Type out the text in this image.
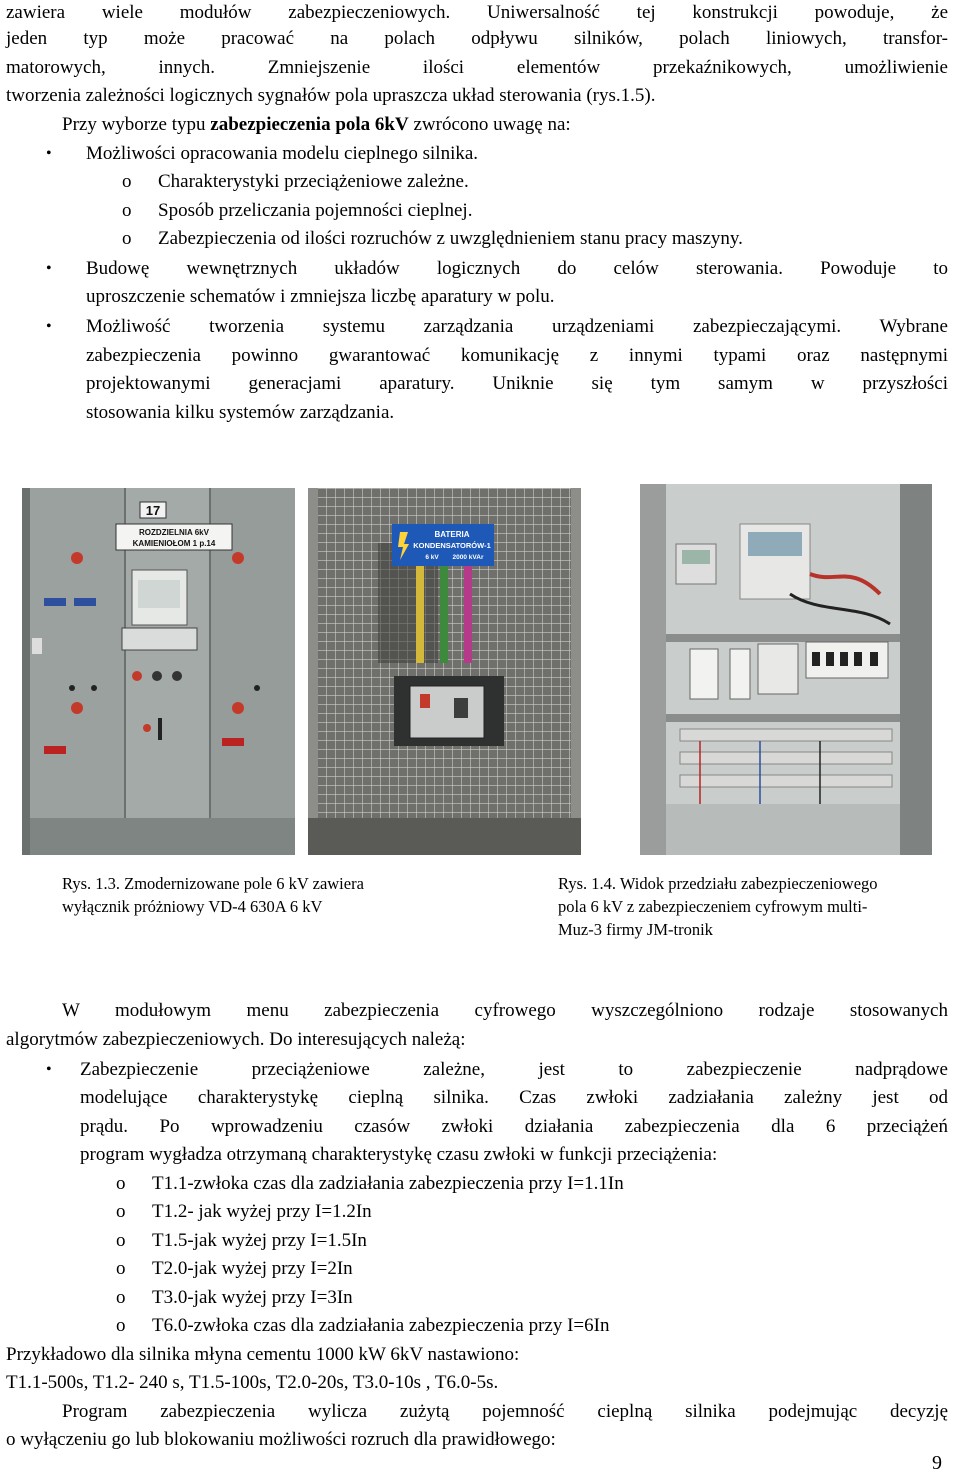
zawiera wiele modułów zabezpieczeniowych. Uniwersalność tej konstrukcji powoduje, że
jeden typ może pracować na polach odpływu silników, polach liniowych, transfor-
matorowych, innych. Zmniejszenie ilości elementów przekaźnikowych, umożliwienie
tworzenia zależności logicznych sygnałów pola upraszcza układ sterowania (rys.1.5).
Przy wyborze typu zabezpieczenia pola 6kV zwrócono uwagę na:
• Możliwości opracowania modelu cieplnego silnika.
o Charakterystyki przeciążeniowe zależne.
o Sposób przeliczania pojemności cieplnej.
o Zabezpieczenia od ilości rozruchów z uwzględnieniem stanu pracy maszyny.
• Budowę wewnętrznych układów logicznych do celów sterowania. Powoduje to
uproszczenie schematów i zmniejsza liczbę aparatury w polu.
• Możliwość tworzenia systemu zarządzania urządzeniami zabezpieczającymi. Wybrane
zabezpieczenia powinno gwarantować komunikację z innymi typami oraz następnymi
projektowanymi generacjami aparatury. Uniknie się tym samym w przyszłości
stosowania kilku systemów zarządzania.
17
ROZDZIELNIA 6kV
KAMIENIOŁOM 1 p.14
BATERIA
KONDENSATORÓW-1
6 kV 2000 kVAr
Rys. 1.3. Zmodernizowane pole 6 kV zawiera
wyłącznik próżniowy VD-4 630A 6 kV
Rys. 1.4. Widok przedziału zabezpieczeniowego
pola 6 kV z zabezpieczeniem cyfrowym multi-
Muz-3 firmy JM-tronik
W modułowym menu zabezpieczenia cyfrowego wyszczególniono rodzaje stosowanych
algorytmów zabezpieczeniowych. Do interesujących należą:
• Zabezpieczenie przeciążeniowe zależne, jest to zabezpieczenie nadprądowe
modelujące charakterystykę cieplną silnika. Czas zwłoki zadziałania zależny jest od
prądu. Po wprowadzeniu czasów zwłoki działania zabezpieczenia dla 6 przeciążeń
program wygładza otrzymaną charakterystykę czasu zwłoki w funkcji przeciążenia:
o T1.1-zwłoka czas dla zadziałania zabezpieczenia przy I=1.1In
o T1.2- jak wyżej przy I=1.2In
o T1.5-jak wyżej przy I=1.5In
o T2.0-jak wyżej przy I=2In
o T3.0-jak wyżej przy I=3In
o T6.0-zwłoka czas dla zadziałania zabezpieczenia przy I=6In
Przykładowo dla silnika młyna cementu 1000 kW 6kV nastawiono:
T1.1-500s, T1.2- 240 s, T1.5-100s, T2.0-20s, T3.0-10s , T6.0-5s.
Program zabezpieczenia wylicza zużytą pojemność cieplną silnika podejmując decyzję
o wyłączeniu go lub blokowaniu możliwości rozruch dla prawidłowego:
9
